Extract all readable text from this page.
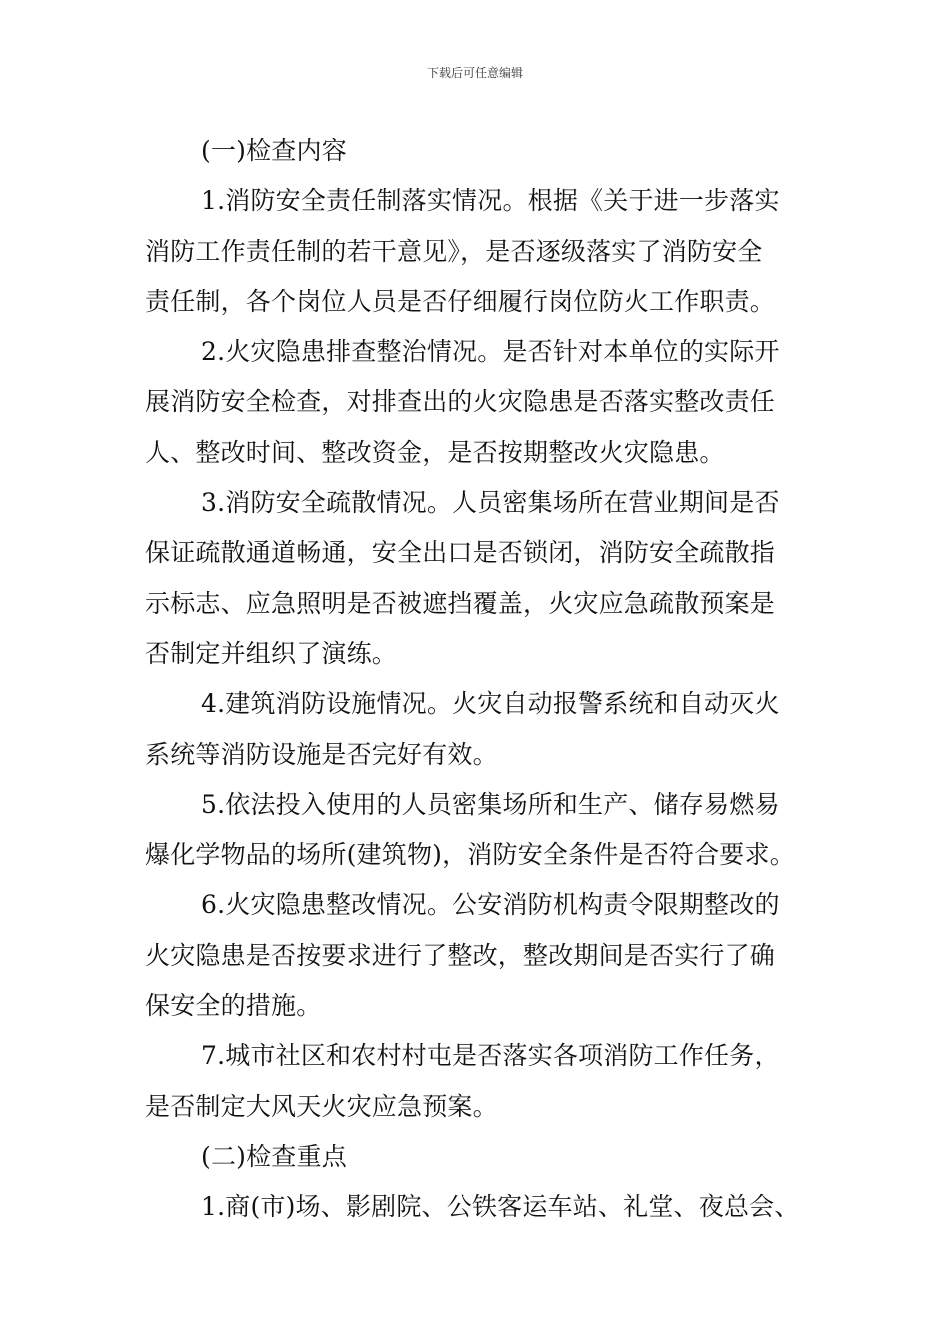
下载后可任意编辑
(一)检查内容
1.消防安全责任制落实情况。根据《关于进一步落实
消防工作责任制的若干意见》，是否逐级落实了消防安全
责任制，各个岗位人员是否仔细履行岗位防火工作职责。
2.火灾隐患排查整治情况。是否针对本单位的实际开
展消防安全检查，对排查出的火灾隐患是否落实整改责任
人、整改时间、整改资金，是否按期整改火灾隐患。
3.消防安全疏散情况。人员密集场所在营业期间是否
保证疏散通道畅通，安全出口是否锁闭，消防安全疏散指
示标志、应急照明是否被遮挡覆盖，火灾应急疏散预案是
否制定并组织了演练。
4.建筑消防设施情况。火灾自动报警系统和自动灭火
系统等消防设施是否完好有效。
5.依法投入使用的人员密集场所和生产、储存易燃易
爆化学物品的场所(建筑物)，消防安全条件是否符合要求。
6.火灾隐患整改情况。公安消防机构责令限期整改的
火灾隐患是否按要求进行了整改，整改期间是否实行了确
保安全的措施。
7.城市社区和农村村屯是否落实各项消防工作任务，
是否制定大风天火灾应急预案。
(二)检查重点
1.商(市)场、影剧院、公铁客运车站、礼堂、夜总会、
